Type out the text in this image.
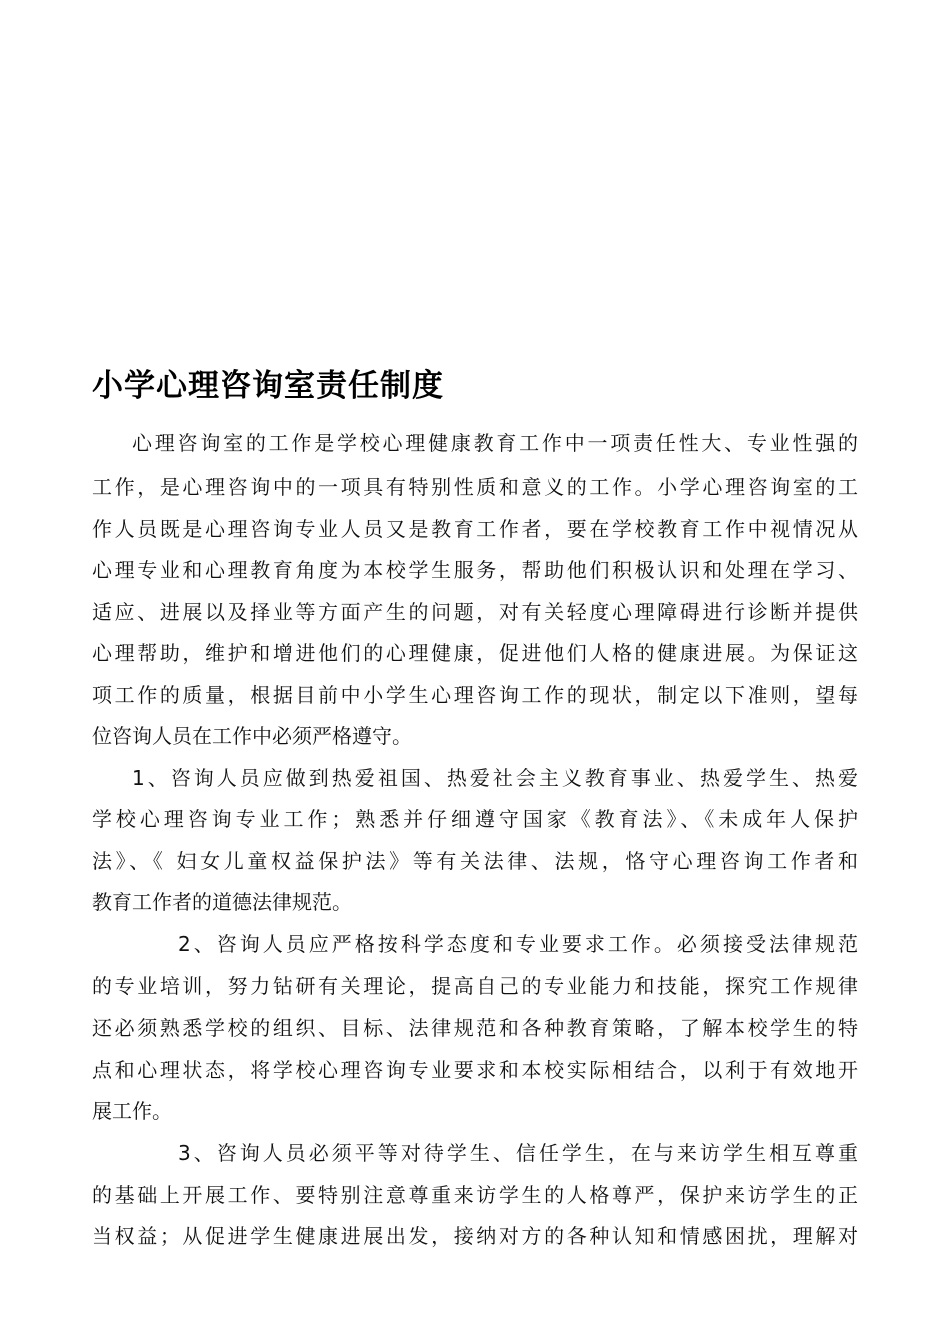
小学心理咨询室责任制度

心理咨询室的工作是学校心理健康教育工作中一项责任性大、专业性强的

工作，是心理咨询中的一项具有特别性质和意义的工作。小学心理咨询室的工

作人员既是心理咨询专业人员又是教育工作者，要在学校教育工作中视情况从

心理专业和心理教育角度为本校学生服务，帮助他们积极认识和处理在学习、

适应、进展以及择业等方面产生的问题，对有关轻度心理障碍进行诊断并提供

心理帮助，维护和增进他们的心理健康，促进他们人格的健康进展。为保证这

项工作的质量，根据目前中小学生心理咨询工作的现状，制定以下准则，望每

位咨询人员在工作中必须严格遵守。

1、咨询人员应做到热爱祖国、热爱社会主义教育事业、热爱学生、热爱

学校心理咨询专业工作；熟悉并仔细遵守国家《教育法》、《未成年人保护

法》、《 妇女儿童权益保护法》等有关法律、法规，恪守心理咨询工作者和

教育工作者的道德法律规范。

2、咨询人员应严格按科学态度和专业要求工作。必须接受法律规范

的专业培训，努力钻研有关理论，提高自己的专业能力和技能，探究工作规律

还必须熟悉学校的组织、目标、法律规范和各种教育策略，了解本校学生的特

点和心理状态，将学校心理咨询专业要求和本校实际相结合，以利于有效地开

展工作。

3、咨询人员必须平等对待学生、信任学生，在与来访学生相互尊重

的基础上开展工作、要特别注意尊重来访学生的人格尊严，保护来访学生的正

当权益；从促进学生健康进展出发，接纳对方的各种认知和情感困扰，理解对
